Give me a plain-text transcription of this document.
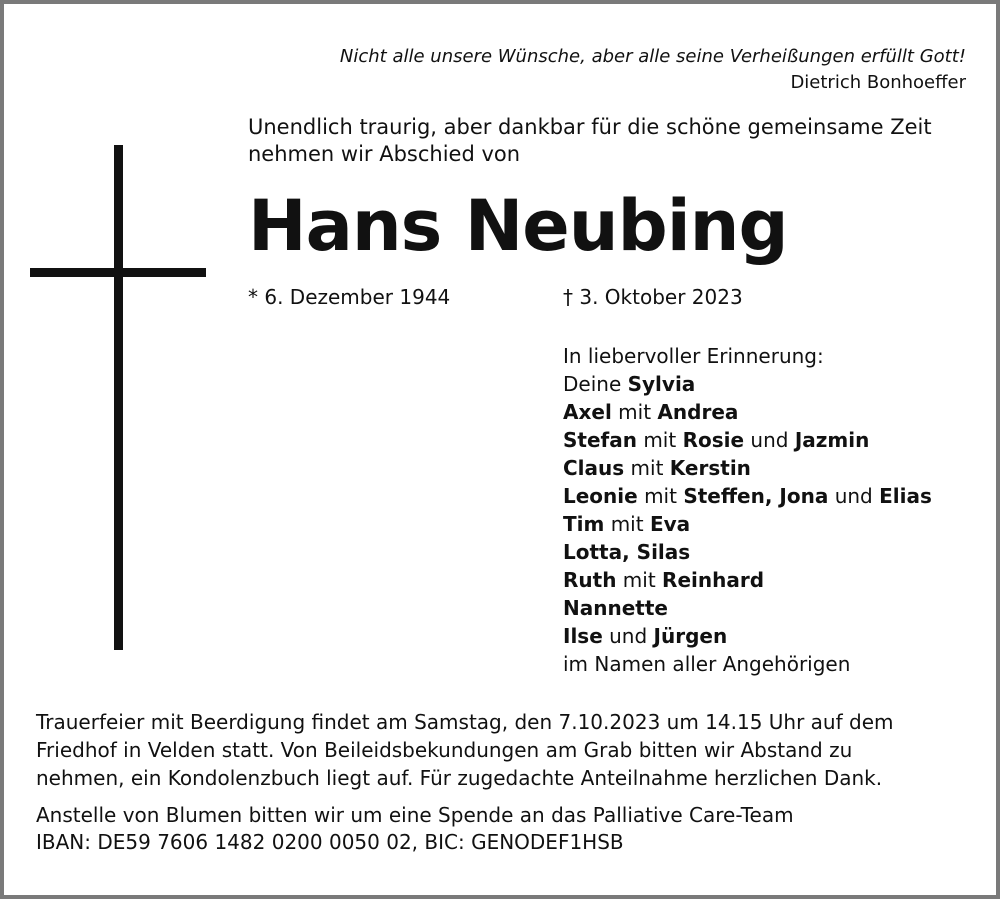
Nicht alle unsere Wünsche, aber alle seine Verheißungen erfüllt Gott!
Dietrich Bonhoeffer
Unendlich traurig, aber dankbar für die schöne gemeinsame Zeit
nehmen wir Abschied von
Hans Neubing
* 6. Dezember 1944	† 3. Oktober 2023
In liebervoller Erinnerung:
Deine Sylvia
Axel mit Andrea
Stefan mit Rosie und Jazmin
Claus mit Kerstin
Leonie mit Steffen, Jona und Elias
Tim mit Eva
Lotta, Silas
Ruth mit Reinhard
Nannette
Ilse und Jürgen
im Namen aller Angehörigen
Trauerfeier mit Beerdigung findet am Samstag, den 7.10.2023 um 14.15 Uhr auf dem
Friedhof in Velden statt. Von Beileidsbekundungen am Grab bitten wir Abstand zu
nehmen, ein Kondolenzbuch liegt auf. Für zugedachte Anteilnahme herzlichen Dank.
Anstelle von Blumen bitten wir um eine Spende an das Palliative Care-Team
IBAN: DE59 7606 1482 0200 0050 02, BIC: GENODEF1HSB
